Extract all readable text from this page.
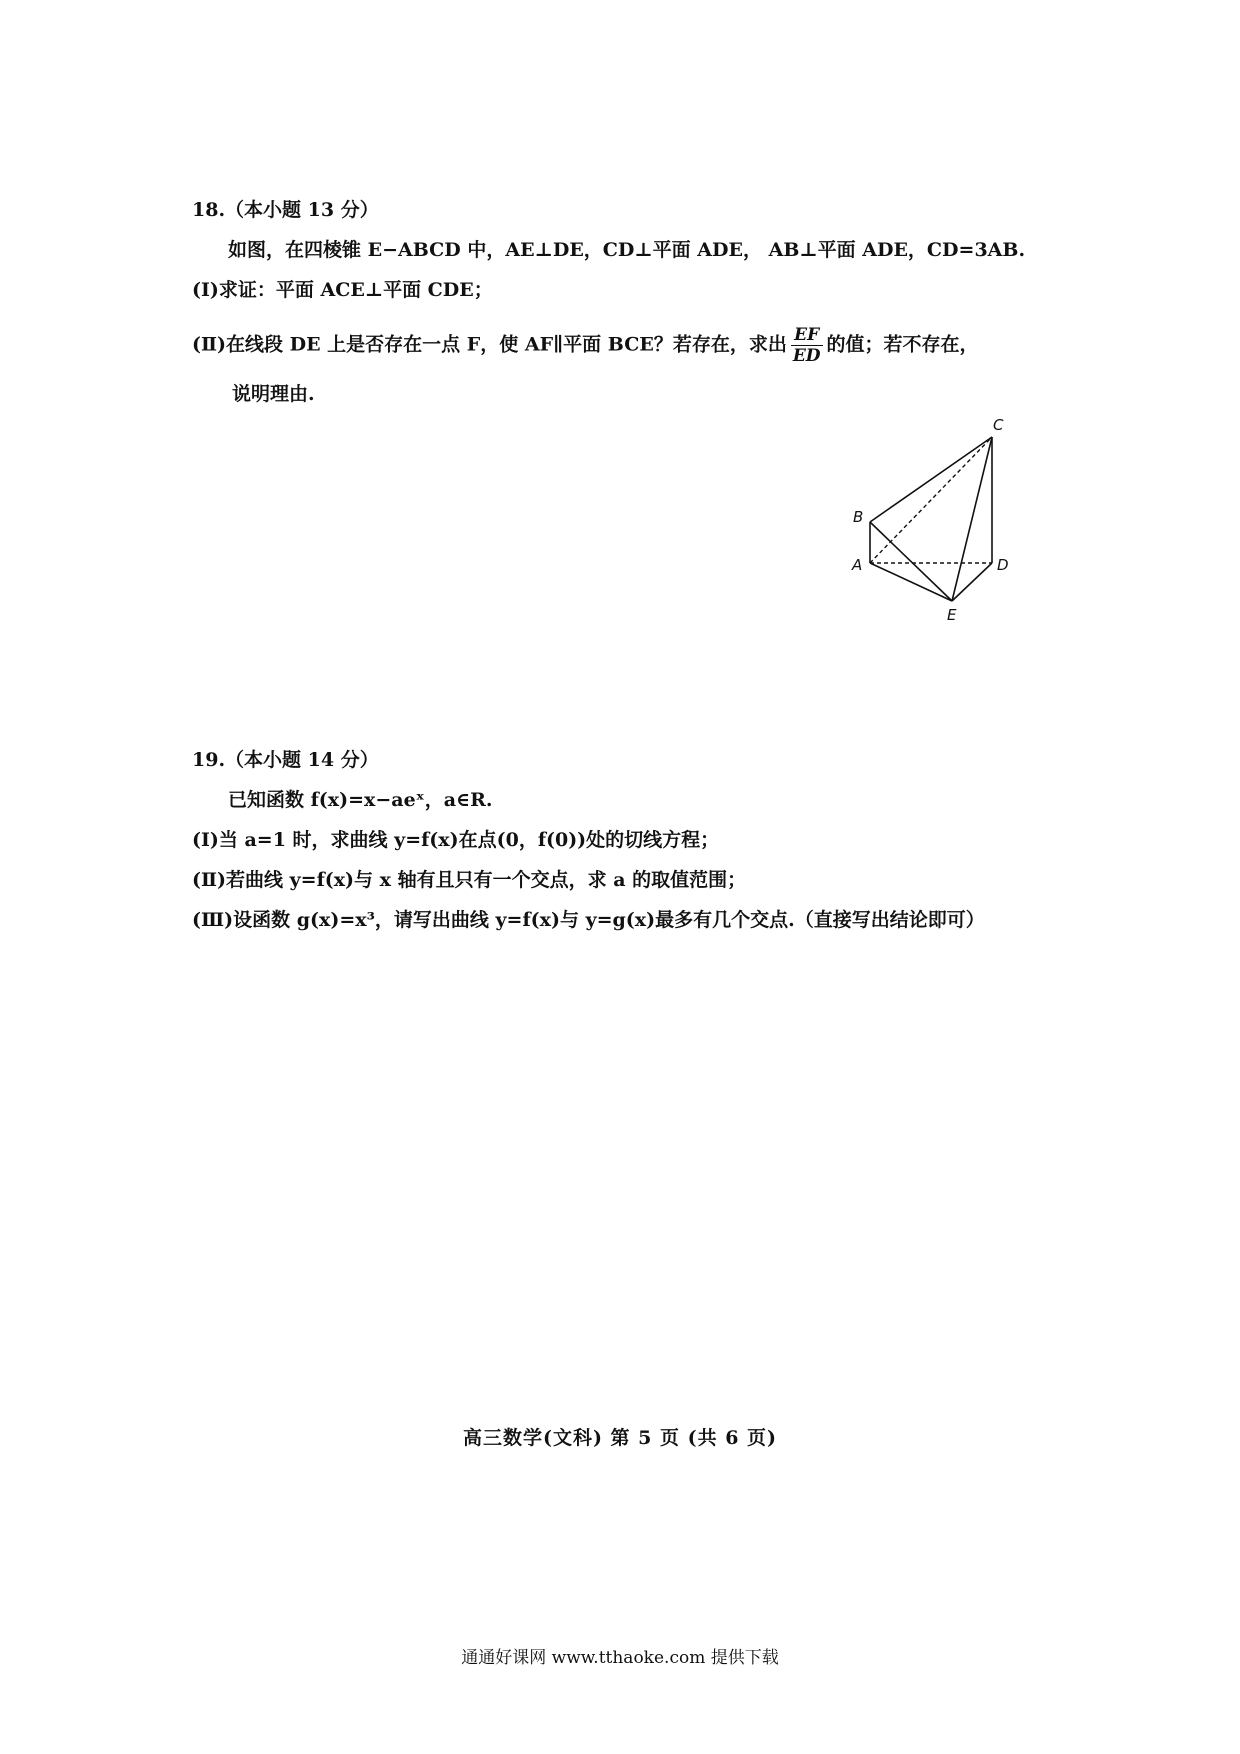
18.（本小题 13 分）
如图，在四棱锥 E−ABCD 中，AE⊥DE，CD⊥平面 ADE， AB⊥平面 ADE，CD=3AB.
(Ⅰ)求证：平面 ACE⊥平面 CDE；
(Ⅱ)在线段 DE 上是否存在一点 F，使 AF∥平面 BCE？若存在，求出 $\frac{EF}{ED}$ 的值；若不存在，
说明理由.
C
B
A	D
E
19.（本小题 14 分）
已知函数 f(x)=x−aeˣ，a∈R.
(Ⅰ)当 a=1 时，求曲线 y=f(x)在点(0，f(0))处的切线方程；
(Ⅱ)若曲线 y=f(x)与 x 轴有且只有一个交点，求 a 的取值范围；
(Ⅲ)设函数 g(x)=x³，请写出曲线 y=f(x)与 y=g(x)最多有几个交点.（直接写出结论即可）
高三数学(文科) 第 5 页 (共 6 页)
通通好课网 www.tthaoke.com 提供下载
